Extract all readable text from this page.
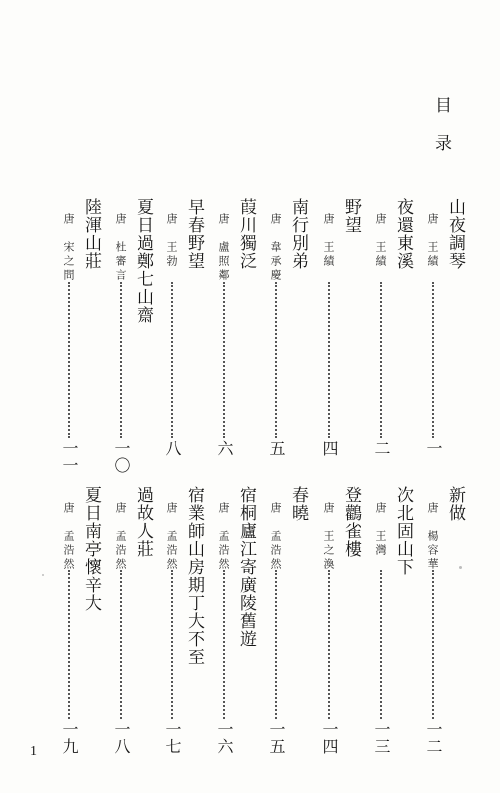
目　录
山夜調琴
唐　王績
一
夜還東溪
唐　王績
二
野望
唐　王績
四
南行別弟
唐　韋承慶
五
葭川獨泛
唐　盧照鄰
六
早春野望
唐　王勃
八
夏日過鄭七山齋
唐　杜審言
一〇
陸渾山莊
唐　宋之問
一一
新做
唐　楊容華
一二
次北固山下
唐　王灣
一三
登鸛雀樓
唐　王之渙
一四
春曉
唐　孟浩然
一五
宿桐廬江寄廣陵舊遊
唐　孟浩然
一六
宿業師山房期丁大不至
唐　孟浩然
一七
過故人莊
唐　孟浩然
一八
夏日南亭懷辛大
唐　孟浩然
一九
1
